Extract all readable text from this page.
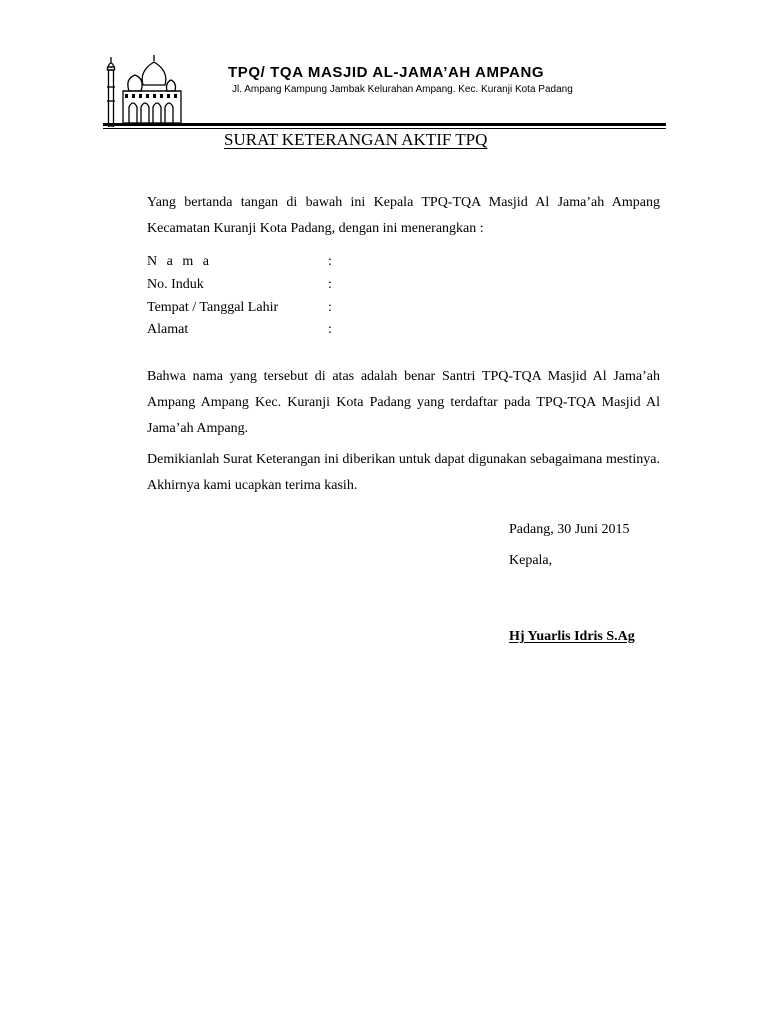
TPQ/ TQA MASJID AL-JAMA’AH AMPANG
Jl. Ampang Kampung Jambak Kelurahan Ampang. Kec. Kuranji Kota Padang
SURAT KETERANGAN AKTIF TPQ

Yang bertanda tangan di bawah ini Kepala TPQ-TQA Masjid Al Jama’ah Ampang Kecamatan Kuranji Kota Padang, dengan ini menerangkan :

N a m a	:
No. Induk	:
Tempat / Tanggal Lahir	:
Alamat	:

Bahwa nama yang tersebut di atas adalah benar Santri TPQ-TQA Masjid Al Jama’ah Ampang Ampang Kec. Kuranji Kota Padang yang terdaftar pada TPQ-TQA Masjid Al Jama’ah Ampang.

Demikianlah Surat Keterangan ini diberikan untuk dapat digunakan sebagaimana mestinya. Akhirnya kami ucapkan terima kasih.

Padang, 30 Juni 2015
Kepala,
Hj Yuarlis Idris S.Ag
